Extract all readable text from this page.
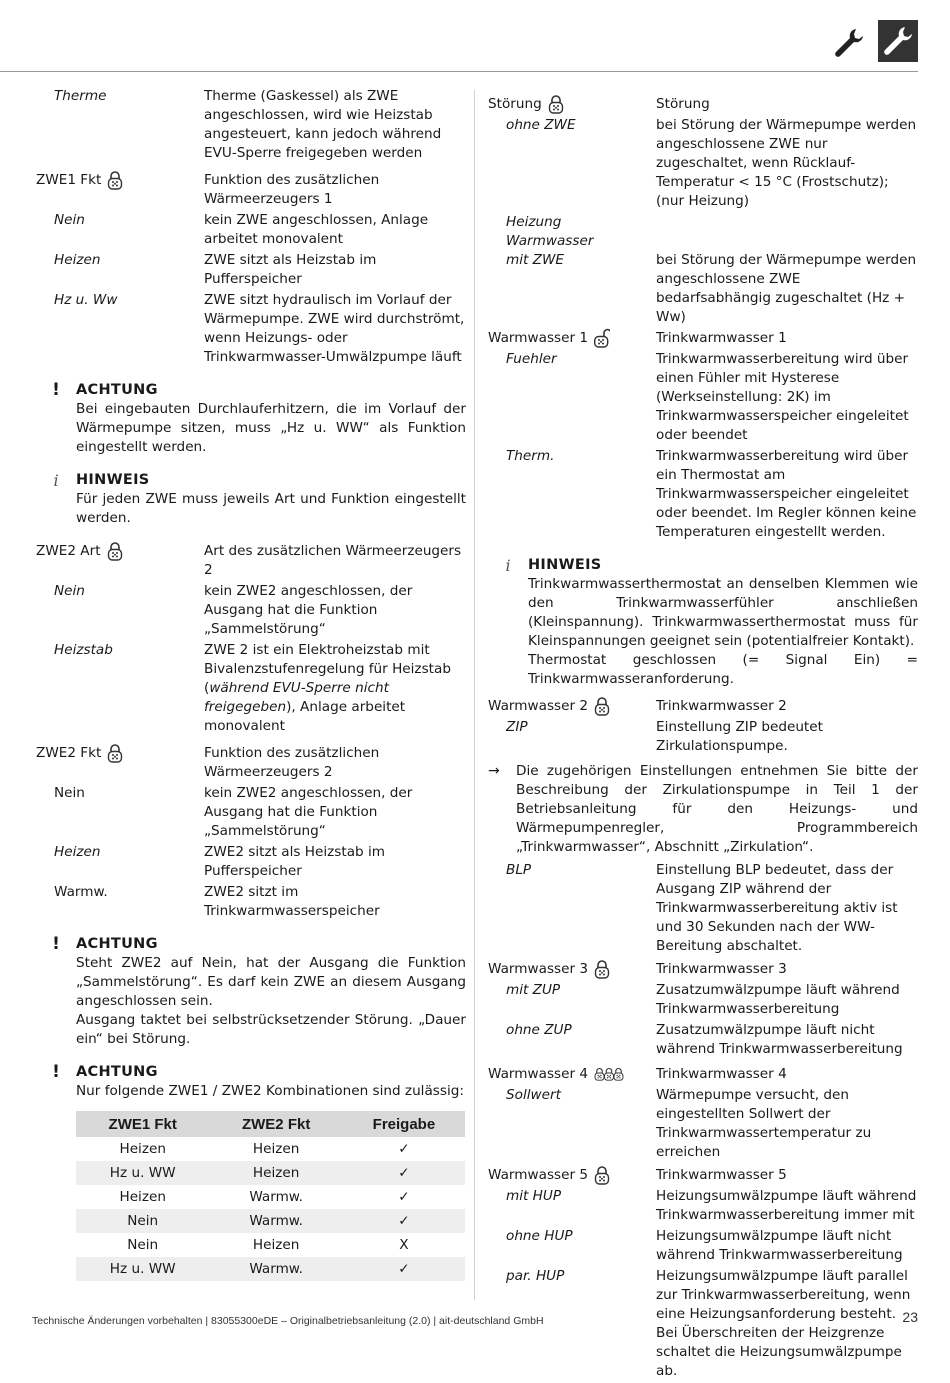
Therme	Therme (Gaskessel) als ZWE angeschlossen, wird wie Heizstab angesteuert, kann jedoch während EVU-Sperre freigegeben werden
ZWE1 Fkt	Funktion des zusätzlichen Wärmeerzeugers 1
Nein	kein ZWE angeschlossen, Anlage arbeitet monovalent
Heizen	ZWE sitzt als Heizstab im Pufferspeicher
Hz u. Ww	ZWE sitzt hydraulisch im Vorlauf der Wärmepumpe. ZWE wird durchströmt, wenn Heizungs- oder Trinkwarmwasser-Umwälzpumpe läuft
!	ACHTUNG
Bei eingebauten Durchlauferhitzern, die im Vorlauf der Wärmepumpe sitzen, muss „Hz u. WW“ als Funktion eingestellt werden.
i	HINWEIS
Für jeden ZWE muss jeweils Art und Funktion eingestellt werden.
ZWE2 Art	Art des zusätzlichen Wärmeerzeugers 2
Nein	kein ZWE2 angeschlossen, der Ausgang hat die Funktion „Sammelstörung“
Heizstab	ZWE 2 ist ein Elektroheizstab mit Bivalenzstufenregelung für Heizstab (während EVU-Sperre nicht freigegeben), Anlage arbeitet monovalent
ZWE2 Fkt	Funktion des zusätzlichen Wärmeerzeugers 2
Nein	kein ZWE2 angeschlossen, der Ausgang hat die Funktion „Sammelstörung“
Heizen	ZWE2 sitzt als Heizstab im Pufferspeicher
Warmw.	ZWE2 sitzt im Trinkwarmwasserspeicher
!	ACHTUNG
Steht ZWE2 auf Nein, hat der Ausgang die Funktion „Sammelstörung“. Es darf kein ZWE an diesem Ausgang angeschlossen sein.
Ausgang taktet bei selbstrücksetzender Störung. „Dauer ein“ bei Störung.
!	ACHTUNG
Nur folgende ZWE1 / ZWE2 Kombinationen sind zulässig:
ZWE1 Fkt	ZWE2 Fkt	Freigabe
Heizen	Heizen	✓
Hz u. WW	Heizen	✓
Heizen	Warmw.	✓
Nein	Warmw.	✓
Nein	Heizen	X
Hz u. WW	Warmw.	✓
Störung	Störung
ohne ZWE	bei Störung der Wärmepumpe werden angeschlossene ZWE nur zugeschaltet, wenn Rücklauf-Temperatur < 15 °C (Frostschutz); (nur Heizung)
Heizung
Warmwasser
mit ZWE	bei Störung der Wärmepumpe werden angeschlossene ZWE bedarfsabhängig zugeschaltet (Hz + Ww)
Warmwasser 1	Trinkwarmwasser 1
Fuehler	Trinkwarmwasserbereitung wird über einen Fühler mit Hysterese (Werkseinstellung: 2K) im Trinkwarmwasserspeicher eingeleitet oder beendet
Therm.	Trinkwarmwasserbereitung wird über ein Thermostat am Trinkwarmwasserspeicher eingeleitet oder beendet. Im Regler können keine Temperaturen eingestellt werden.
i	HINWEIS
Trinkwarmwasserthermostat an denselben Klemmen wie den Trinkwarmwasserfühler anschließen (Kleinspannung). Trinkwarmwasserthermostat muss für Kleinspannungen geeignet sein (potentialfreier Kontakt).
Thermostat geschlossen (= Signal Ein) = Trinkwarmwasseranforderung.
Warmwasser 2	Trinkwarmwasser 2
ZIP	Einstellung ZIP bedeutet Zirkulationspumpe.
→	Die zugehörigen Einstellungen entnehmen Sie bitte der Beschreibung der Zirkulationspumpe in Teil 1 der Betriebsanleitung für den Heizungs- und Wärmepumpenregler, Programmbereich „Trinkwarmwasser“, Abschnitt „Zirkulation“.
BLP	Einstellung BLP bedeutet, dass der Ausgang ZIP während der Trinkwarmwasserbereitung aktiv ist und 30 Sekunden nach der WW-Bereitung abschaltet.
Warmwasser 3	Trinkwarmwasser 3
mit ZUP	Zusatzumwälzpumpe läuft während Trinkwarmwasserbereitung
ohne ZUP	Zusatzumwälzpumpe läuft nicht während Trinkwarmwasserbereitung
Warmwasser 4	Trinkwarmwasser 4
Sollwert	Wärmepumpe versucht, den eingestellten Sollwert der Trinkwarmwassertemperatur zu erreichen
Warmwasser 5	Trinkwarmwasser 5
mit HUP	Heizungsumwälzpumpe läuft während Trinkwarmwasserbereitung immer mit
ohne HUP	Heizungsumwälzpumpe läuft nicht während Trinkwarmwasserbereitung
par. HUP	Heizungsumwälzpumpe läuft parallel zur Trinkwarmwasserbereitung, wenn eine Heizungsanforderung besteht. Bei Überschreiten der Heizgrenze schaltet die Heizungsumwälzpumpe ab.
Technische Änderungen vorbehalten | 83055300eDE – Originalbetriebsanleitung (2.0) | ait-deutschland GmbH	23
